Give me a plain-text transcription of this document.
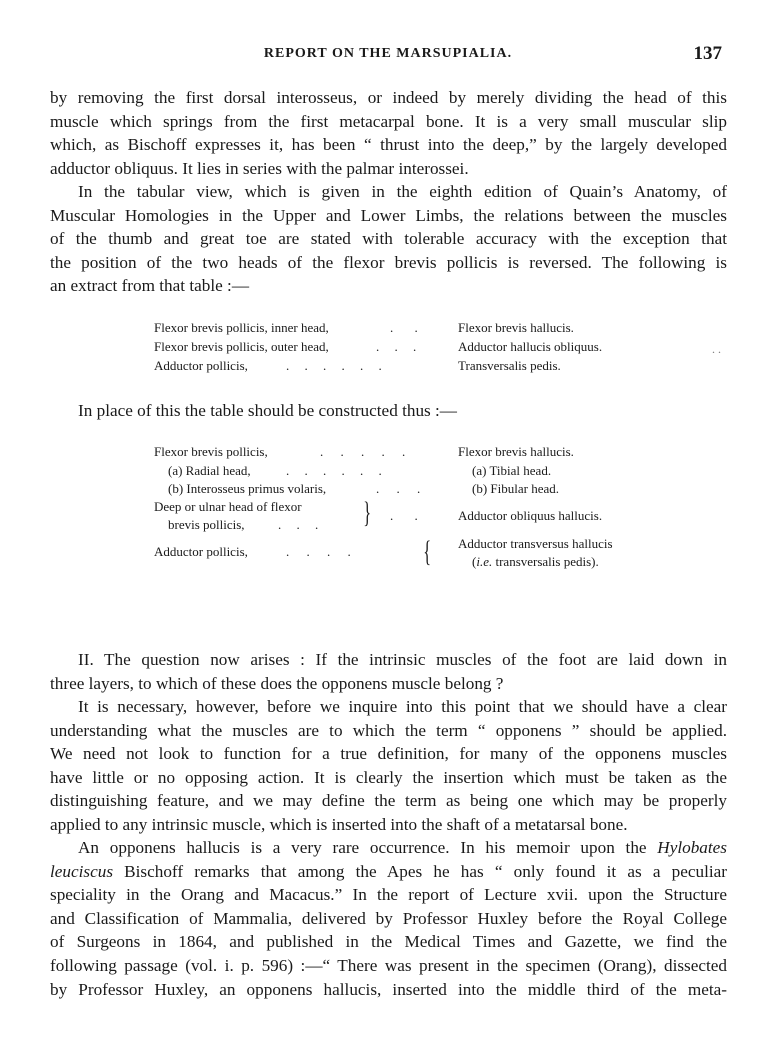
REPORT ON THE MARSUPIALIA.	137
by removing the first dorsal interosseus, or indeed by merely dividing the head of this
muscle which springs from the first metacarpal bone. It is a very small muscular slip
which, as Bischoff expresses it, has been “ thrust into the deep,” by the largely developed
adductor obliquus. It lies in series with the palmar interossei.
In the tabular view, which is given in the eighth edition of Quain’s Anatomy, of
Muscular Homologies in the Upper and Lower Limbs, the relations between the muscles
of the thumb and great toe are stated with tolerable accuracy with the exception that
the position of the two heads of the flexor brevis pollicis is reversed. The following is
an extract from that table :—
Flexor brevis pollicis, inner head,	. .	Flexor brevis hallucis.
Flexor brevis pollicis, outer head,	. . .	Adductor hallucis obliquus.
Adductor pollicis,	. . . . . .	Transversalis pedis.
. .
In place of this the table should be constructed thus :—
Flexor brevis pollicis,	. . . . .	Flexor brevis hallucis.
(a) Radial head,	. . . . . .	(a) Tibial head.
(b) Interosseus primus volaris,	. . .	(b) Fibular head.
Deep or ulnar head of flexor
brevis pollicis,	. . . } . .	Adductor obliquus hallucis.
Adductor pollicis,	. . . . { Adductor transversus hallucis
(i.e. transversalis pedis).
II. The question now arises : If the intrinsic muscles of the foot are laid down in
three layers, to which of these does the opponens muscle belong ?
It is necessary, however, before we inquire into this point that we should have a clear
understanding what the muscles are to which the term “ opponens ” should be applied.
We need not look to function for a true definition, for many of the opponens muscles
have little or no opposing action. It is clearly the insertion which must be taken as the
distinguishing feature, and we may define the term as being one which may be properly
applied to any intrinsic muscle, which is inserted into the shaft of a metatarsal bone.
An opponens hallucis is a very rare occurrence. In his memoir upon the Hylobates
leuciscus Bischoff remarks that among the Apes he has “ only found it as a peculiar
speciality in the Orang and Macacus.” In the report of Lecture xvii. upon the Structure
and Classification of Mammalia, delivered by Professor Huxley before the Royal College
of Surgeons in 1864, and published in the Medical Times and Gazette, we find the
following passage (vol. i. p. 596) :—“ There was present in the specimen (Orang), dissected
by Professor Huxley, an opponens hallucis, inserted into the middle third of the meta-
